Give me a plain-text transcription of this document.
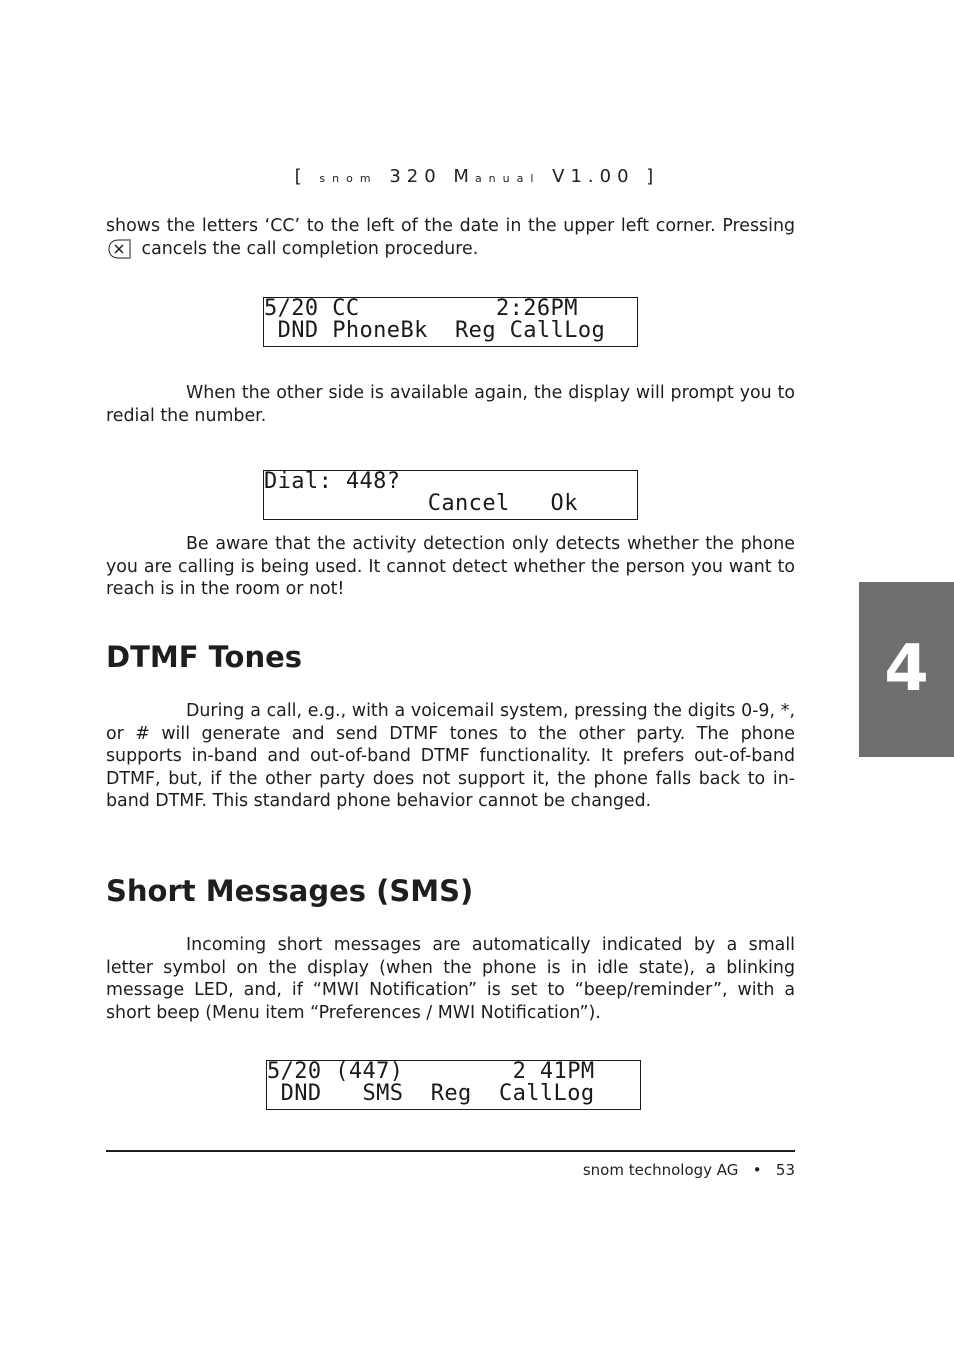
[ snom 320 Manual V1.00 ]
shows the letters ‘CC’ to the left of the date in the upper left corner. Pressing  cancels the call completion procedure.
5/20 CC          2:26PM
DND PhoneBk  Reg CallLog

When the other side is available again, the display will prompt you to redial the number.

Dial: 448?
Cancel   Ok

Be aware that the activity detection only detects whether the phone you are calling is being used. It cannot detect whether the person you want to reach is in the room or not!

DTMF Tones

During a call, e.g., with a voicemail system, pressing the digits 0-9, *, or # will generate and send DTMF tones to the other party. The phone supports in-band and out-of-band DTMF functionality. It prefers out-of-band DTMF, but, if the other party does not support it, the phone falls back to in-band DTMF. This standard phone behavior cannot be changed.

Short Messages (SMS)

Incoming short messages are automatically indicated by a small letter symbol on the display (when the phone is in idle state), a blinking message LED, and, if “MWI Notification” is set to “beep/reminder”, with a short beep (Menu item “Preferences / MWI Notification”).

5/20 (447)        2 41PM
DND   SMS  Reg  CallLog
4
snom technology AG • 53
